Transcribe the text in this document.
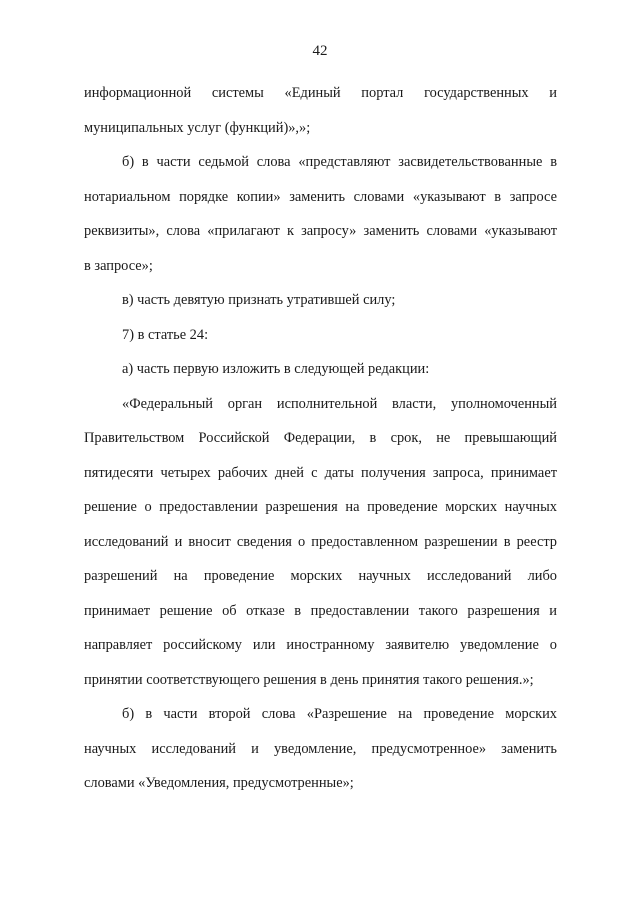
42
информационной системы «Единый портал государственных и
муниципальных услуг (функций)»,»;
б) в части седьмой слова «представляют засвидетельствованные в
нотариальном порядке копии» заменить словами «указывают в запросе
реквизиты», слова «прилагают к запросу» заменить словами «указывают
в запросе»;
в) часть девятую признать утратившей силу;
7) в статье 24:
а) часть первую изложить в следующей редакции:
«Федеральный орган исполнительной власти, уполномоченный
Правительством Российской Федерации, в срок, не превышающий
пятидесяти четырех рабочих дней с даты получения запроса, принимает
решение о предоставлении разрешения на проведение морских научных
исследований и вносит сведения о предоставленном разрешении в реестр
разрешений на проведение морских научных исследований либо
принимает решение об отказе в предоставлении такого разрешения и
направляет российскому или иностранному заявителю уведомление о
принятии соответствующего решения в день принятия такого решения.»;
б) в части второй слова «Разрешение на проведение морских
научных исследований и уведомление, предусмотренное» заменить
словами «Уведомления, предусмотренные»;
